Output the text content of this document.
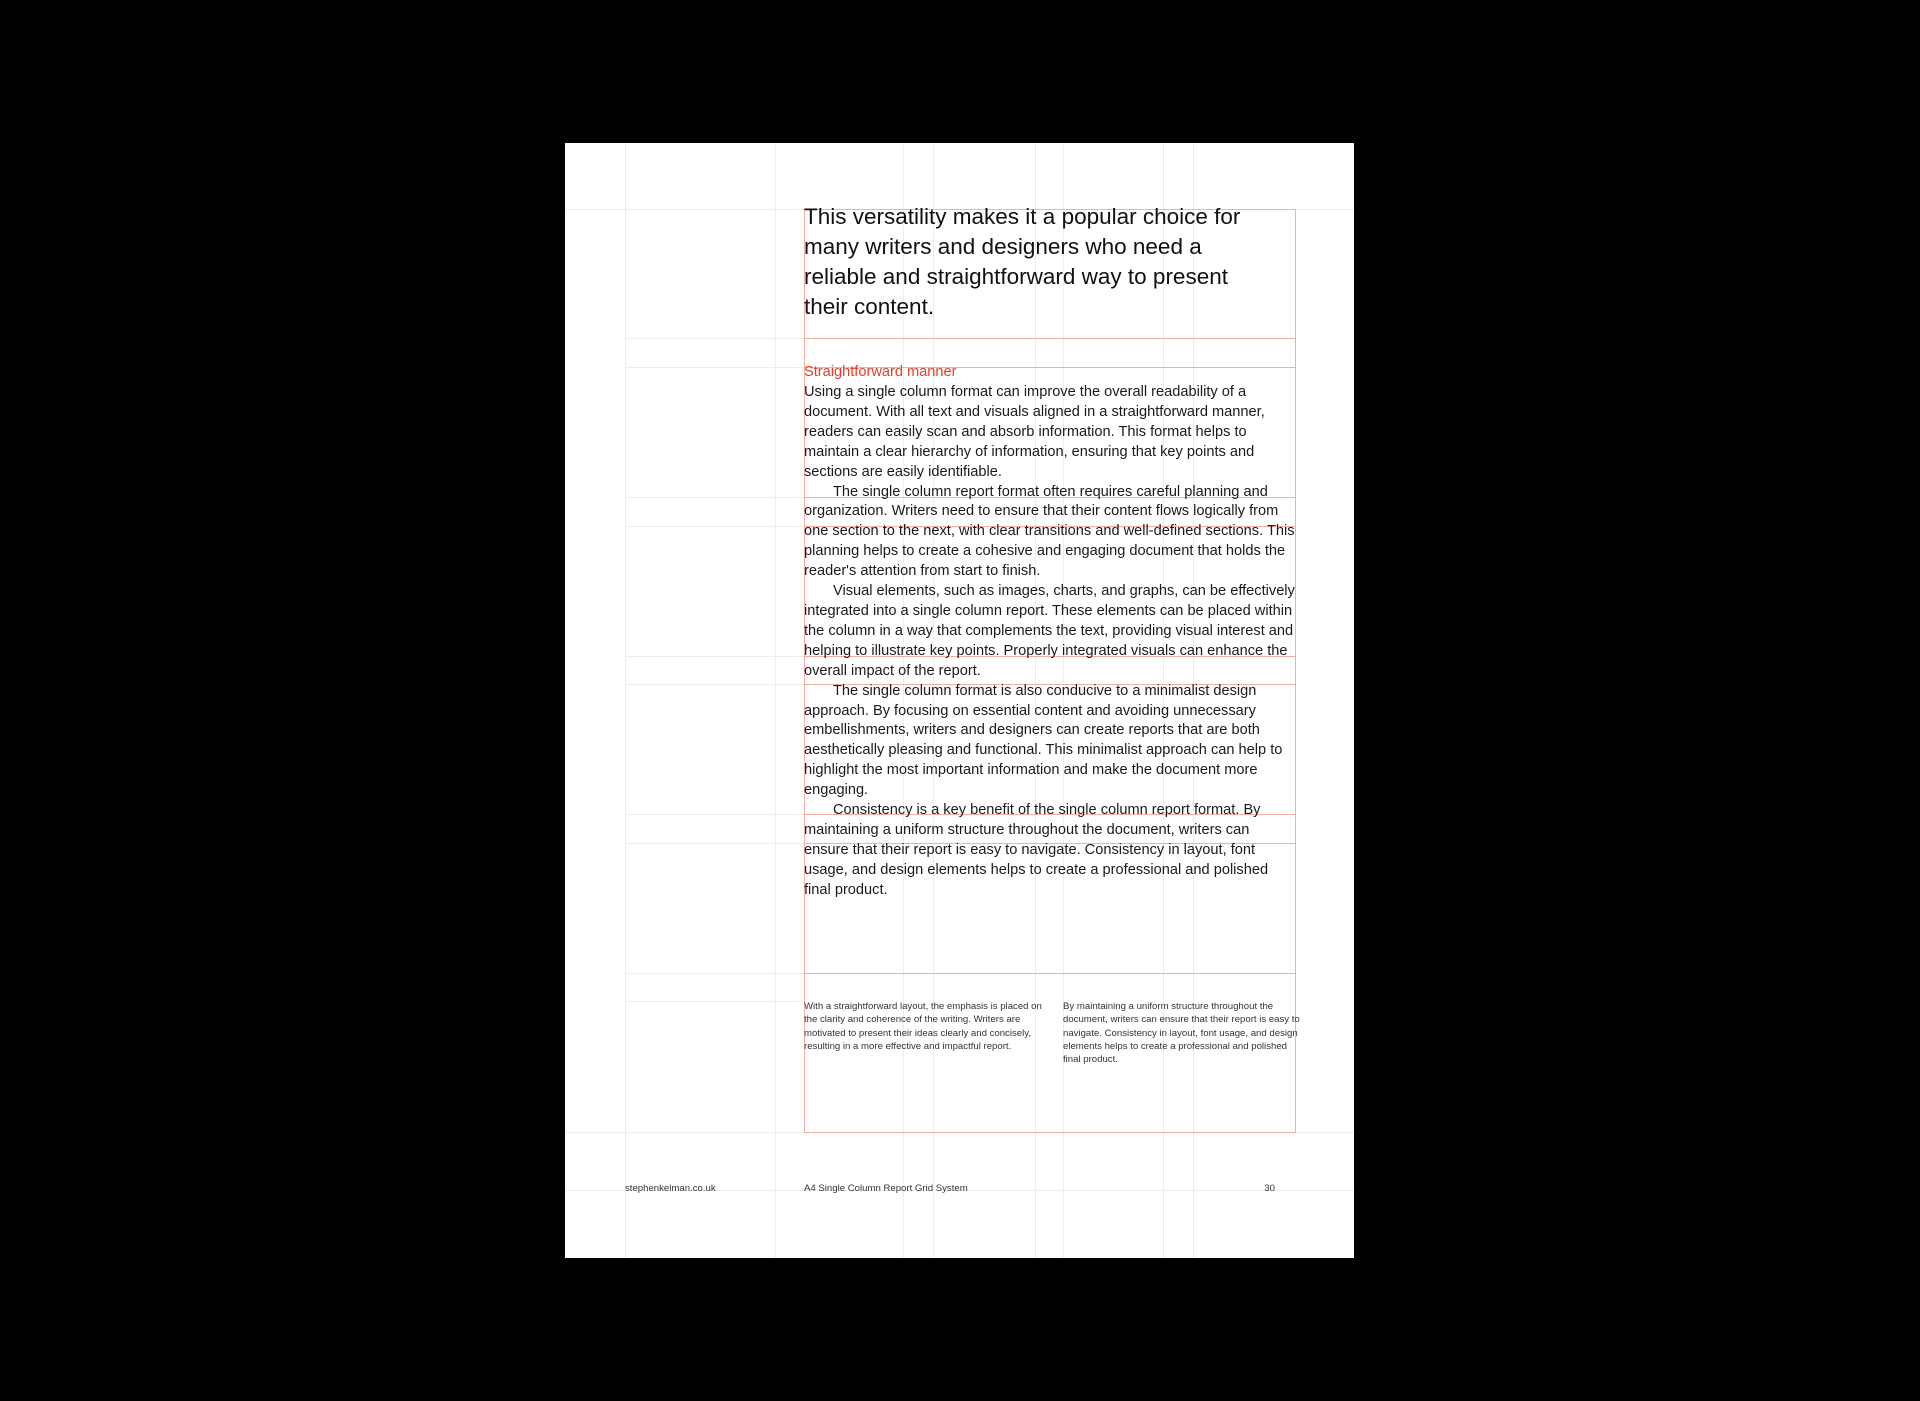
This versatility makes it a popular choice for many writers and designers who need a reliable and straightforward way to present their content.
Straightforward manner

Using a single column format can improve the overall readability of a document. With all text and visuals aligned in a straightforward manner, readers can easily scan and absorb information. This format helps to maintain a clear hierarchy of information, ensuring that key points and sections are easily identifiable.

The single column report format often requires careful planning and organization. Writers need to ensure that their content flows logically from one section to the next, with clear transitions and well-defined sections. This planning helps to create a cohesive and engaging document that holds the reader's attention from start to finish.

Visual elements, such as images, charts, and graphs, can be effectively integrated into a single column report. These elements can be placed within the column in a way that complements the text, providing visual interest and helping to illustrate key points. Properly integrated visuals can enhance the overall impact of the report.

The single column format is also conducive to a minimalist design approach. By focusing on essential content and avoiding unnecessary embellishments, writers and designers can create reports that are both aesthetically pleasing and functional. This minimalist approach can help to highlight the most important information and make the document more engaging.

Consistency is a key benefit of the single column report format. By maintaining a uniform structure throughout the document, writers can ensure that their report is easy to navigate. Consistency in layout, font usage, and design elements helps to create a professional and polished final product.

With a straightforward layout, the emphasis is placed on the clarity and coherence of the writing. Writers are motivated to present their ideas clearly and concisely, resulting in a more effective and impactful report.

By maintaining a uniform structure throughout the document, writers can ensure that their report is easy to navigate. Consistency in layout, font usage, and design elements helps to create a professional and polished final product.

stephenkelman.co.uk	A4 Single Column Report Grid System	30
